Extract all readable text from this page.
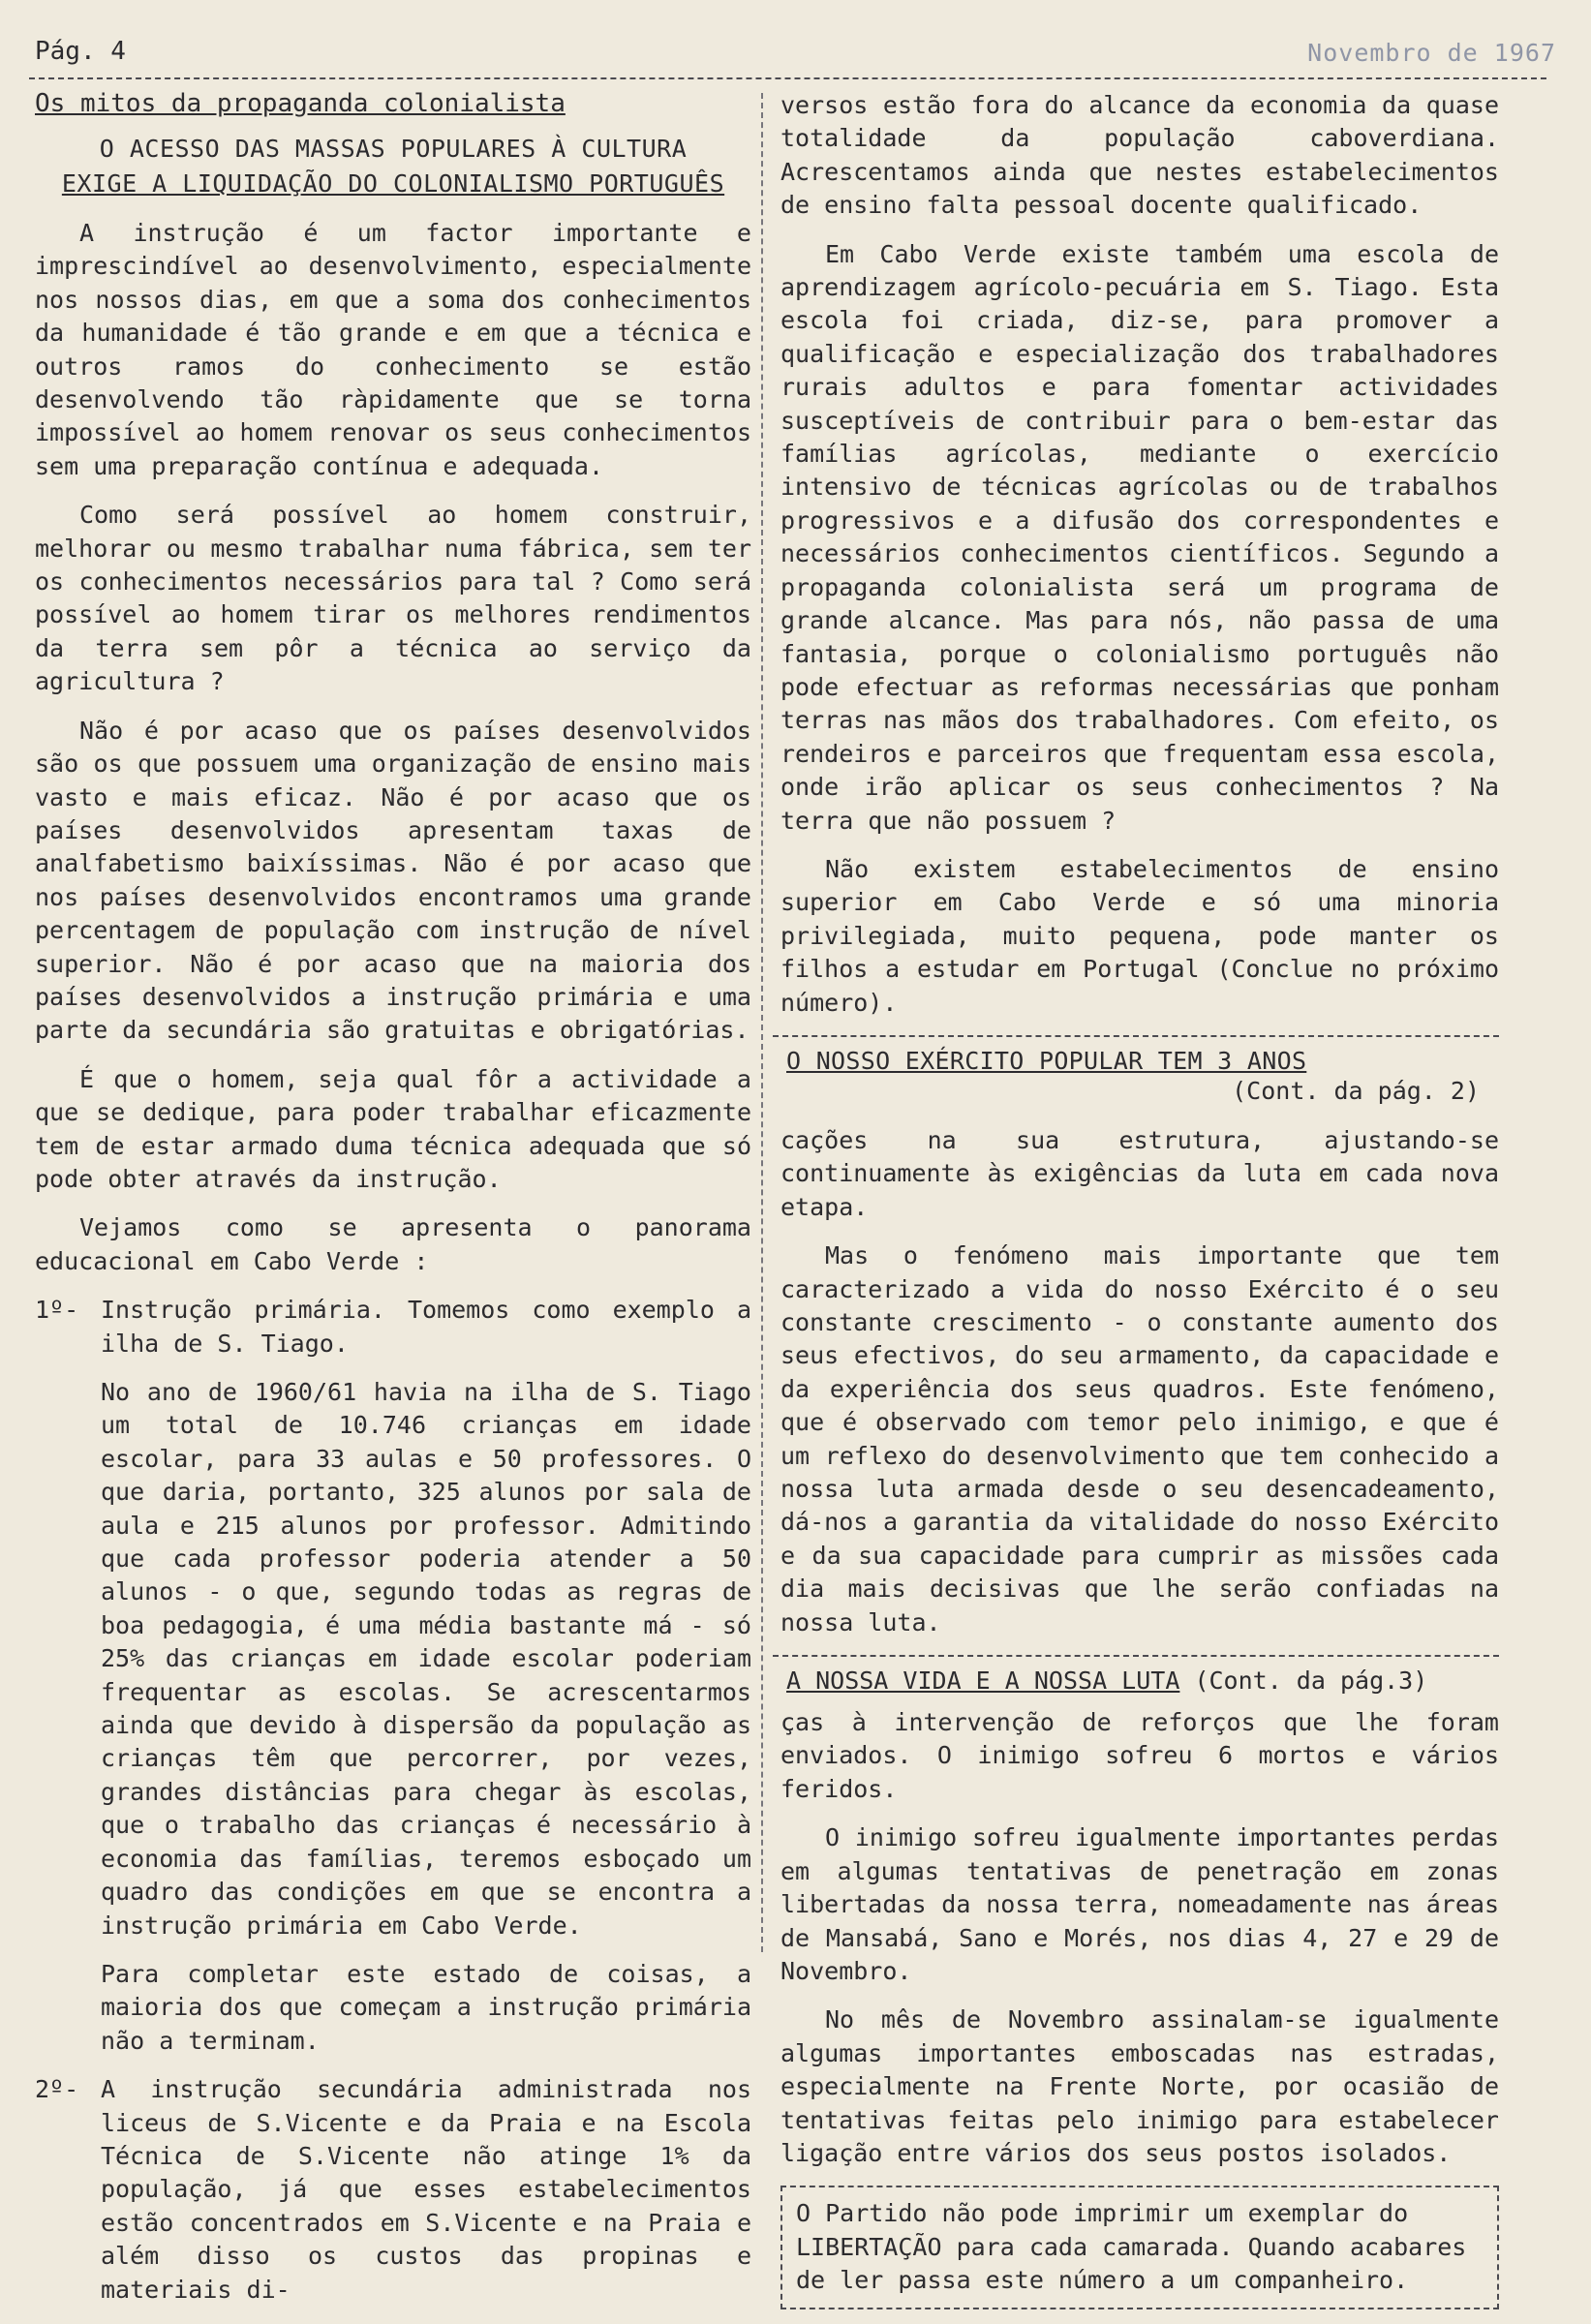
Pág. 4	Novembro de 1967
Os mitos da propaganda colonialista
O ACESSO DAS MASSAS POPULARES À CULTURA
EXIGE A LIQUIDAÇÃO DO COLONIALISMO PORTUGUÊS

A instrução é um factor importante e imprescindível ao desenvolvimento, especialmente nos nossos dias, em que a soma dos conhecimentos da humanidade é tão grande e em que a técnica e outros ramos do conhecimento se estão desenvolvendo tão ràpidamente que se torna impossível ao homem renovar os seus conhecimentos sem uma preparação contínua e adequada.

Como será possível ao homem construir, melhorar ou mesmo trabalhar numa fábrica, sem ter os conhecimentos necessários para tal ? Como será possível ao homem tirar os melhores rendimentos da terra sem pôr a técnica ao serviço da agricultura ?

Não é por acaso que os países desenvolvidos são os que possuem uma organização de ensino mais vasto e mais eficaz. Não é por acaso que os países desenvolvidos apresentam taxas de analfabetismo baixíssimas. Não é por acaso que nos países desenvolvidos encontramos uma grande percentagem de população com instrução de nível superior. Não é por acaso que na maioria dos países desenvolvidos a instrução primária e uma parte da secundária são gratuitas e obrigatórias.

É que o homem, seja qual fôr a actividade a que se dedique, para poder trabalhar eficazmente tem de estar armado duma técnica adequada que só pode obter através da instrução.

Vejamos como se apresenta o panorama educacional em Cabo Verde :

1º- Instrução primária. Tomemos como exemplo a ilha de S. Tiago.

No ano de 1960/61 havia na ilha de S. Tiago um total de 10.746 crianças em idade escolar, para 33 aulas e 50 professores. O que daria, portanto, 325 alunos por sala de aula e 215 alunos por professor. Admitindo que cada professor poderia atender a 50 alunos - o que, segundo todas as regras de boa pedagogia, é uma média bastante má - só 25% das crianças em idade escolar poderiam frequentar as escolas. Se acrescentarmos ainda que devido à dispersão da população as crianças têm que percorrer, por vezes, grandes distâncias para chegar às escolas, que o trabalho das crianças é necessário à economia das famílias, teremos esboçado um quadro das condições em que se encontra a instrução primária em Cabo Verde.

Para completar este estado de coisas, a maioria dos que começam a instrução primária não a terminam.

2º- A instrução secundária administrada nos liceus de S.Vicente e da Praia e na Escola Técnica de S.Vicente não atinge 1% da população, já que esses estabelecimentos estão concentrados em S.Vicente e na Praia e além disso os custos das propinas e materiais di-

versos estão fora do alcance da economia da quase totalidade da população caboverdiana. Acrescentamos ainda que nestes estabelecimentos de ensino falta pessoal docente qualificado.

Em Cabo Verde existe também uma escola de aprendizagem agrícolo-pecuária em S. Tiago. Esta escola foi criada, diz-se, para promover a qualificação e especialização dos trabalhadores rurais adultos e para fomentar actividades susceptíveis de contribuir para o bem-estar das famílias agrícolas, mediante o exercício intensivo de técnicas agrícolas ou de trabalhos progressivos e a difusão dos correspondentes e necessários conhecimentos científicos. Segundo a propaganda colonialista será um programa de grande alcance. Mas para nós, não passa de uma fantasia, porque o colonialismo português não pode efectuar as reformas necessárias que ponham terras nas mãos dos trabalhadores. Com efeito, os rendeiros e parceiros que frequentam essa escola, onde irão aplicar os seus conhecimentos ? Na terra que não possuem ?

Não existem estabelecimentos de ensino superior em Cabo Verde e só uma minoria privilegiada, muito pequena, pode manter os filhos a estudar em Portugal (Conclue no próximo número).

O NOSSO EXÉRCITO POPULAR TEM 3 ANOS
(Cont. da pág. 2)

cações na sua estrutura, ajustando-se continuamente às exigências da luta em cada nova etapa.

Mas o fenómeno mais importante que tem caracterizado a vida do nosso Exército é o seu constante crescimento - o constante aumento dos seus efectivos, do seu armamento, da capacidade e da experiência dos seus quadros. Este fenómeno, que é observado com temor pelo inimigo, e que é um reflexo do desenvolvimento que tem conhecido a nossa luta armada desde o seu desencadeamento, dá-nos a garantia da vitalidade do nosso Exército e da sua capacidade para cumprir as missões cada dia mais decisivas que lhe serão confiadas na nossa luta.

A NOSSA VIDA E A NOSSA LUTA (Cont. da pág.3)

ças à intervenção de reforços que lhe foram enviados. O inimigo sofreu 6 mortos e vários feridos.

O inimigo sofreu igualmente importantes perdas em algumas tentativas de penetração em zonas libertadas da nossa terra, nomeadamente nas áreas de Mansabá, Sano e Morés, nos dias 4, 27 e 29 de Novembro.

No mês de Novembro assinalam-se igualmente algumas importantes emboscadas nas estradas, especialmente na Frente Norte, por ocasião de tentativas feitas pelo inimigo para estabelecer ligação entre vários dos seus postos isolados.

O Partido não pode imprimir um exemplar do
LIBERTAÇÃO para cada camarada. Quando acabares
de ler passa este número a um companheiro.
